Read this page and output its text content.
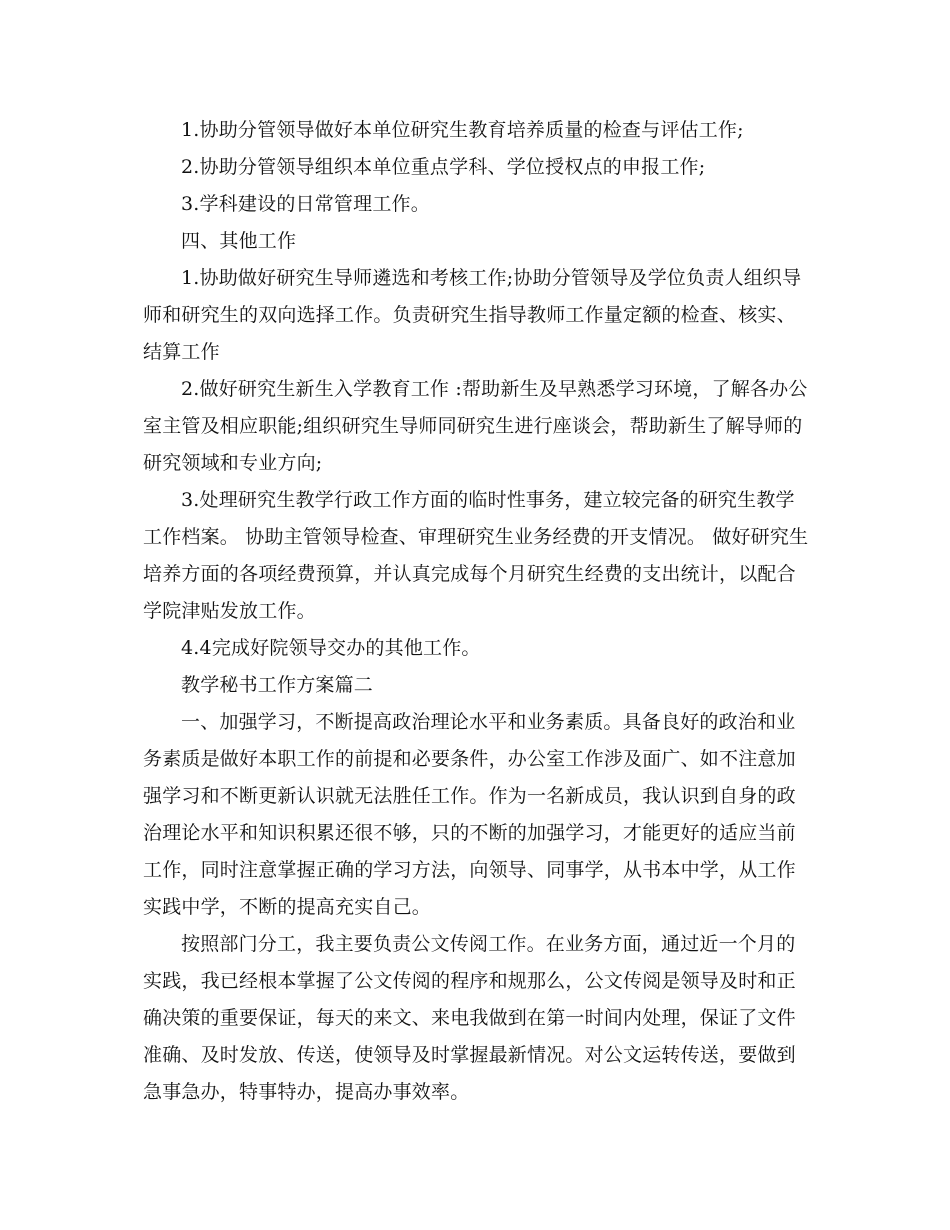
1.协助分管领导做好本单位研究生教育培养质量的检查与评估工作;

2.协助分管领导组织本单位重点学科、学位授权点的申报工作;

3.学科建设的日常管理工作。

四、其他工作

1.协助做好研究生导师遴选和考核工作;协助分管领导及学位负责人组织导师和研究生的双向选择工作。负责研究生指导教师工作量定额的检查、核实、结算工作

2.做好研究生新生入学教育工作 :帮助新生及早熟悉学习环境，了解各办公室主管及相应职能;组织研究生导师同研究生进行座谈会，帮助新生了解导师的研究领域和专业方向;

3.处理研究生教学行政工作方面的临时性事务，建立较完备的研究生教学工作档案。 协助主管领导检查、审理研究生业务经费的开支情况。 做好研究生培养方面的各项经费预算，并认真完成每个月研究生经费的支出统计，以配合学院津贴发放工作。

4.4完成好院领导交办的其他工作。

教学秘书工作方案篇二

一、加强学习，不断提高政治理论水平和业务素质。具备良好的政治和业务素质是做好本职工作的前提和必要条件，办公室工作涉及面广、如不注意加强学习和不断更新认识就无法胜任工作。作为一名新成员，我认识到自身的政治理论水平和知识积累还很不够，只的不断的加强学习，才能更好的适应当前工作，同时注意掌握正确的学习方法，向领导、同事学，从书本中学，从工作实践中学，不断的提高充实自己。

按照部门分工，我主要负责公文传阅工作。在业务方面，通过近一个月的实践，我已经根本掌握了公文传阅的程序和规那么，公文传阅是领导及时和正确决策的重要保证，每天的来文、来电我做到在第一时间内处理，保证了文件准确、及时发放、传送，使领导及时掌握最新情况。对公文运转传送，要做到急事急办，特事特办，提高办事效率。
